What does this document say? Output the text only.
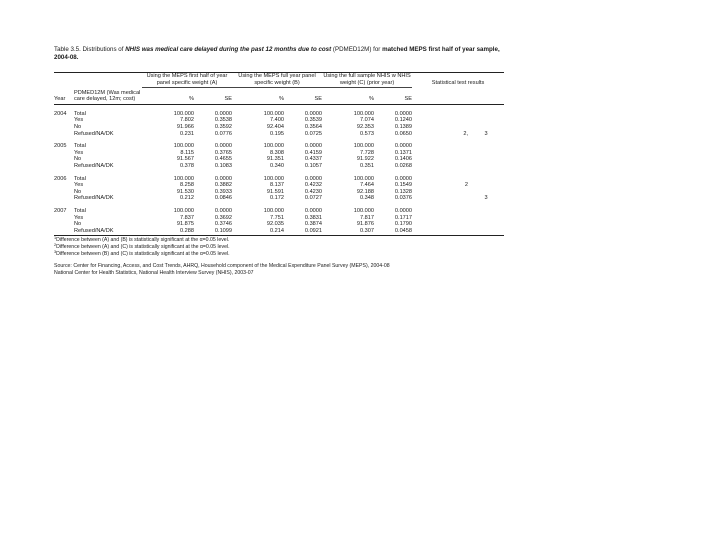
Table 3.5. Distributions of NHIS was medical care delayed during the past 12 months due to cost (PDMED12M) for matched MEPS first half of year sample, 2004-08.

		Using the MEPS first half of year panel specific weight (A)		Using the MEPS full year panel specific weight (B)		Using the full sample NHIS w NHIS weight (C) (prior year)		Statistical test results	
Year	PDMED12M (Was medical care delayed, 12m; cost)	%	SE	%	SE	%	SE		
2004	Total	100.000	0.0000	100.000	0.0000	100.000	0.0000		
	Yes	7.802	0.3538	7.400	0.3539	7.074	0.1240		
	No	91.966	0.3592	92.404	0.3564	92.353	0.1389		
	Refused/NA/DK	0.231	0.0776	0.195	0.0725	0.573	0.0650	2,	3
2005	Total	100.000	0.0000	100.000	0.0000	100.000	0.0000		
	Yes	8.115	0.3765	8.308	0.4159	7.728	0.1371		
	No	91.567	0.4655	91.351	0.4337	91.922	0.1406		
	Refused/NA/DK	0.378	0.1083	0.340	0.1057	0.351	0.0268		
2006	Total	100.000	0.0000	100.000	0.0000	100.000	0.0000		
	Yes	8.258	0.3882	8.137	0.4232	7.464	0.1549	2	
	No	91.530	0.3933	91.591	0.4230	92.188	0.1328		
	Refused/NA/DK	0.212	0.0846	0.172	0.0727	0.348	0.0376		3
2007	Total	100.000	0.0000	100.000	0.0000	100.000	0.0000		
	Yes	7.837	0.3692	7.751	0.3831	7.817	0.1717		
	No	91.875	0.3746	92.035	0.3874	91.876	0.1790		
	Refused/NA/DK	0.288	0.1099	0.214	0.0921	0.307	0.0458		
$^1$Difference between (A) and (B) is statistically significant at the α=0.05 level.
$^2$Difference between (A) and (C) is statistically significant at the α=0.05 level.
$^3$Difference between (B) and (C) is statistically significant at the α=0.05 level.
Source: Center for Financing, Access, and Cost Trends, AHRQ, Household component of the Medical Expenditure Panel Survey (MEPS), 2004-08
National Center for Health Statistics, National Health Interview Survey (NHIS), 2003-07
